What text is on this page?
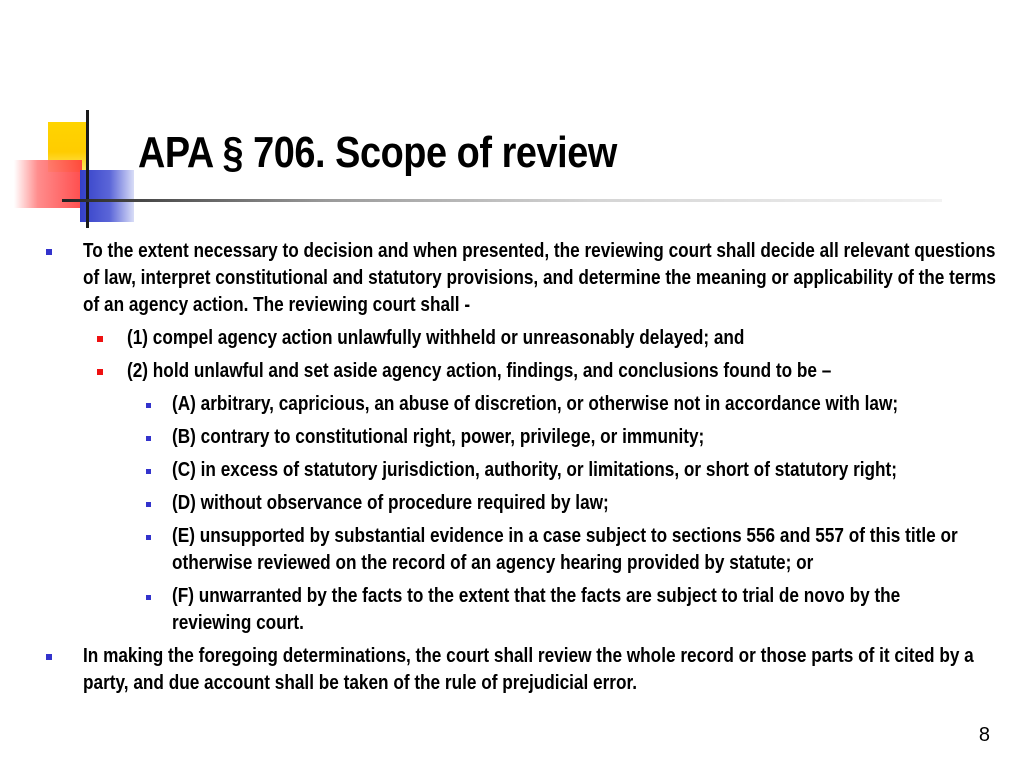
APA § 706. Scope of review
To the extent necessary to decision and when presented, the reviewing court shall decide all relevant questions of law, interpret constitutional and statutory provisions, and determine the meaning or applicability of the terms of an agency action. The reviewing court shall -
(1) compel agency action unlawfully withheld or unreasonably delayed; and
(2) hold unlawful and set aside agency action, findings, and conclusions found to be –
(A) arbitrary, capricious, an abuse of discretion, or otherwise not in accordance with law;
(B) contrary to constitutional right, power, privilege, or immunity;
(C) in excess of statutory jurisdiction, authority, or limitations, or short of statutory right;
(D) without observance of procedure required by law;
(E) unsupported by substantial evidence in a case subject to sections 556 and 557 of this title or otherwise reviewed on the record of an agency hearing provided by statute; or
(F) unwarranted by the facts to the extent that the facts are subject to trial de novo by the reviewing court.
In making the foregoing determinations, the court shall review the whole record or those parts of it cited by a party, and due account shall be taken of the rule of prejudicial error.
8
